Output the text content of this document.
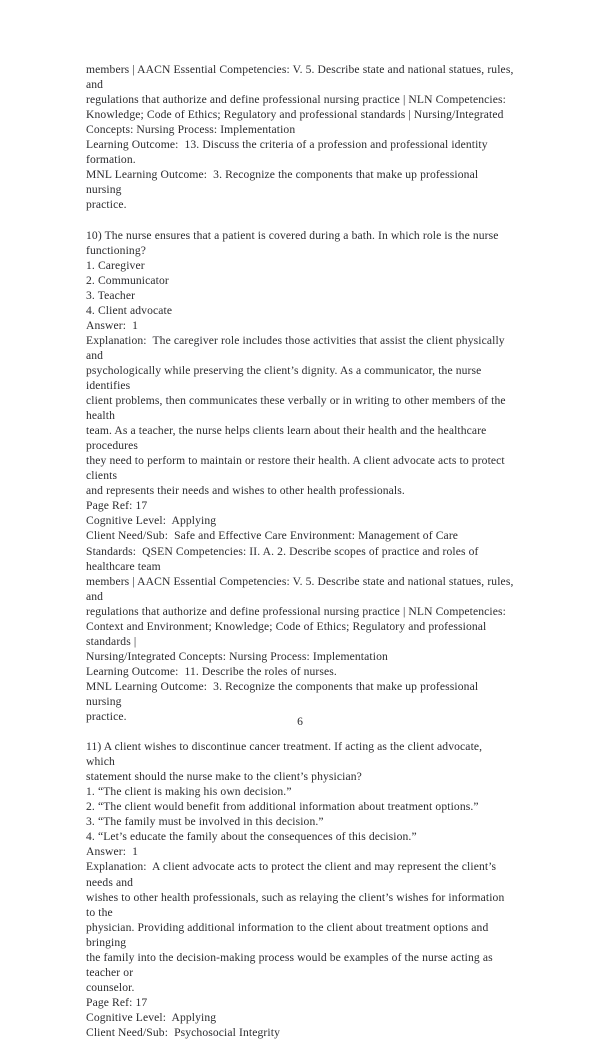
members | AACN Essential Competencies: V. 5. Describe state and national statues, rules, and
regulations that authorize and define professional nursing practice | NLN Competencies:
Knowledge; Code of Ethics; Regulatory and professional standards | Nursing/Integrated
Concepts: Nursing Process: Implementation
Learning Outcome:  13. Discuss the criteria of a profession and professional identity formation.
MNL Learning Outcome:  3. Recognize the components that make up professional nursing
practice.
10) The nurse ensures that a patient is covered during a bath. In which role is the nurse
functioning?
1. Caregiver
2. Communicator
3. Teacher
4. Client advocate
Answer:  1
Explanation:  The caregiver role includes those activities that assist the client physically and
psychologically while preserving the client’s dignity. As a communicator, the nurse identifies
client problems, then communicates these verbally or in writing to other members of the health
team. As a teacher, the nurse helps clients learn about their health and the healthcare procedures
they need to perform to maintain or restore their health. A client advocate acts to protect clients
and represents their needs and wishes to other health professionals.
Page Ref: 17
Cognitive Level:  Applying
Client Need/Sub:  Safe and Effective Care Environment: Management of Care
Standards:  QSEN Competencies: II. A. 2. Describe scopes of practice and roles of healthcare team
members | AACN Essential Competencies: V. 5. Describe state and national statues, rules, and
regulations that authorize and define professional nursing practice | NLN Competencies:
Context and Environment; Knowledge; Code of Ethics; Regulatory and professional standards |
Nursing/Integrated Concepts: Nursing Process: Implementation
Learning Outcome:  11. Describe the roles of nurses.
MNL Learning Outcome:  3. Recognize the components that make up professional nursing
practice.
11) A client wishes to discontinue cancer treatment. If acting as the client advocate, which
statement should the nurse make to the client’s physician?
1. “The client is making his own decision.”
2. “The client would benefit from additional information about treatment options.”
3. “The family must be involved in this decision.”
4. “Let’s educate the family about the consequences of this decision.”
Answer:  1
Explanation:  A client advocate acts to protect the client and may represent the client’s needs and
wishes to other health professionals, such as relaying the client’s wishes for information to the
physician. Providing additional information to the client about treatment options and bringing
the family into the decision-making process would be examples of the nurse acting as teacher or
counselor.
Page Ref: 17
Cognitive Level:  Applying
Client Need/Sub:  Psychosocial Integrity
6
